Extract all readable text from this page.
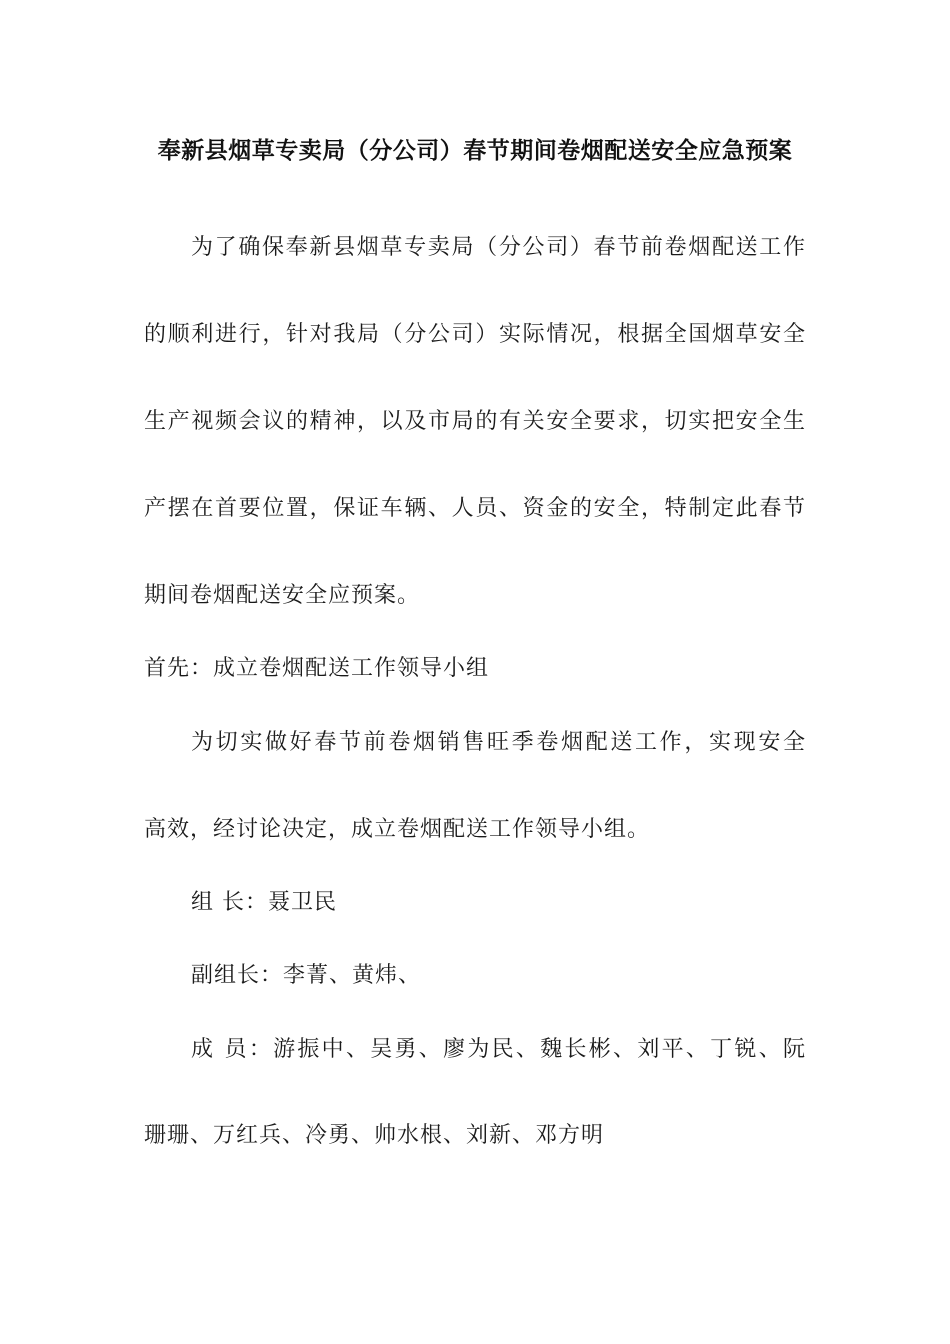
奉新县烟草专卖局（分公司）春节期间卷烟配送安全应急预案
为了确保奉新县烟草专卖局（分公司）春节前卷烟配送工作
的顺利进行，针对我局（分公司）实际情况，根据全国烟草安全
生产视频会议的精神，以及市局的有关安全要求，切实把安全生
产摆在首要位置，保证车辆、人员、资金的安全，特制定此春节
期间卷烟配送安全应预案。
首先：成立卷烟配送工作领导小组
为切实做好春节前卷烟销售旺季卷烟配送工作，实现安全
高效，经讨论决定，成立卷烟配送工作领导小组。
组 长：聂卫民
副组长：李菁、黄炜、
成 员：游振中、吴勇、廖为民、魏长彬、刘平、丁锐、阮
珊珊、万红兵、冷勇、帅水根、刘新、邓方明
